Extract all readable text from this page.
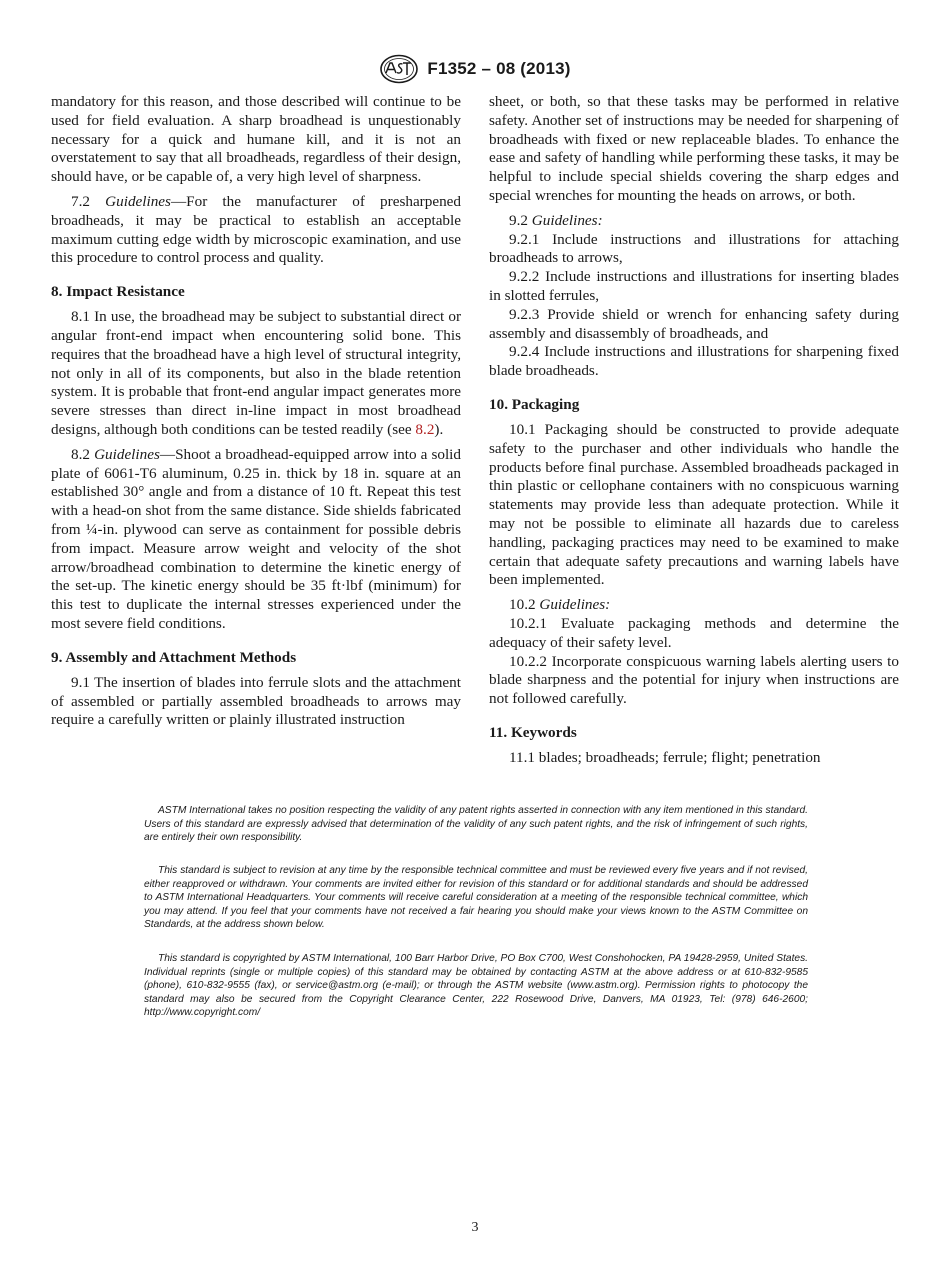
F1352 – 08 (2013)

mandatory for this reason, and those described will continue to be used for field evaluation. A sharp broadhead is unquestionably necessary for a quick and humane kill, and it is not an overstatement to say that all broadheads, regardless of their design, should have, or be capable of, a very high level of sharpness.

7.2 Guidelines—For the manufacturer of presharpened broadheads, it may be practical to establish an acceptable maximum cutting edge width by microscopic examination, and use this procedure to control process and quality.

8. Impact Resistance

8.1 In use, the broadhead may be subject to substantial direct or angular front-end impact when encountering solid bone. This requires that the broadhead have a high level of structural integrity, not only in all of its components, but also in the blade retention system. It is probable that front-end angular impact generates more severe stresses than direct in-line impact in most broadhead designs, although both conditions can be tested readily (see 8.2).

8.2 Guidelines—Shoot a broadhead-equipped arrow into a solid plate of 6061-T6 aluminum, 0.25 in. thick by 18 in. square at an established 30° angle and from a distance of 10 ft. Repeat this test with a head-on shot from the same distance. Side shields fabricated from ¼-in. plywood can serve as containment for possible debris from impact. Measure arrow weight and velocity of the shot arrow/broadhead combination to determine the kinetic energy of the set-up. The kinetic energy should be 35 ft·lbf (minimum) for this test to duplicate the internal stresses experienced under the most severe field conditions.

9. Assembly and Attachment Methods

9.1 The insertion of blades into ferrule slots and the attachment of assembled or partially assembled broadheads to arrows may require a carefully written or plainly illustrated instruction

sheet, or both, so that these tasks may be performed in relative safety. Another set of instructions may be needed for sharpening of broadheads with fixed or new replaceable blades. To enhance the ease and safety of handling while performing these tasks, it may be helpful to include special shields covering the sharp edges and special wrenches for mounting the heads on arrows, or both.

9.2 Guidelines:

9.2.1 Include instructions and illustrations for attaching broadheads to arrows,

9.2.2 Include instructions and illustrations for inserting blades in slotted ferrules,

9.2.3 Provide shield or wrench for enhancing safety during assembly and disassembly of broadheads, and

9.2.4 Include instructions and illustrations for sharpening fixed blade broadheads.

10. Packaging

10.1 Packaging should be constructed to provide adequate safety to the purchaser and other individuals who handle the products before final purchase. Assembled broadheads packaged in thin plastic or cellophane containers with no conspicuous warning statements may provide less than adequate protection. While it may not be possible to eliminate all hazards due to careless handling, packaging practices may need to be examined to make certain that adequate safety precautions and warning labels have been implemented.

10.2 Guidelines:

10.2.1 Evaluate packaging methods and determine the adequacy of their safety level.

10.2.2 Incorporate conspicuous warning labels alerting users to blade sharpness and the potential for injury when instructions are not followed carefully.

11. Keywords

11.1 blades; broadheads; ferrule; flight; penetration

ASTM International takes no position respecting the validity of any patent rights asserted in connection with any item mentioned in this standard. Users of this standard are expressly advised that determination of the validity of any such patent rights, and the risk of infringement of such rights, are entirely their own responsibility.

This standard is subject to revision at any time by the responsible technical committee and must be reviewed every five years and if not revised, either reapproved or withdrawn. Your comments are invited either for revision of this standard or for additional standards and should be addressed to ASTM International Headquarters. Your comments will receive careful consideration at a meeting of the responsible technical committee, which you may attend. If you feel that your comments have not received a fair hearing you should make your views known to the ASTM Committee on Standards, at the address shown below.

This standard is copyrighted by ASTM International, 100 Barr Harbor Drive, PO Box C700, West Conshohocken, PA 19428-2959, United States. Individual reprints (single or multiple copies) of this standard may be obtained by contacting ASTM at the above address or at 610-832-9585 (phone), 610-832-9555 (fax), or service@astm.org (e-mail); or through the ASTM website (www.astm.org). Permission rights to photocopy the standard may also be secured from the Copyright Clearance Center, 222 Rosewood Drive, Danvers, MA 01923, Tel: (978) 646-2600; http://www.copyright.com/

3
